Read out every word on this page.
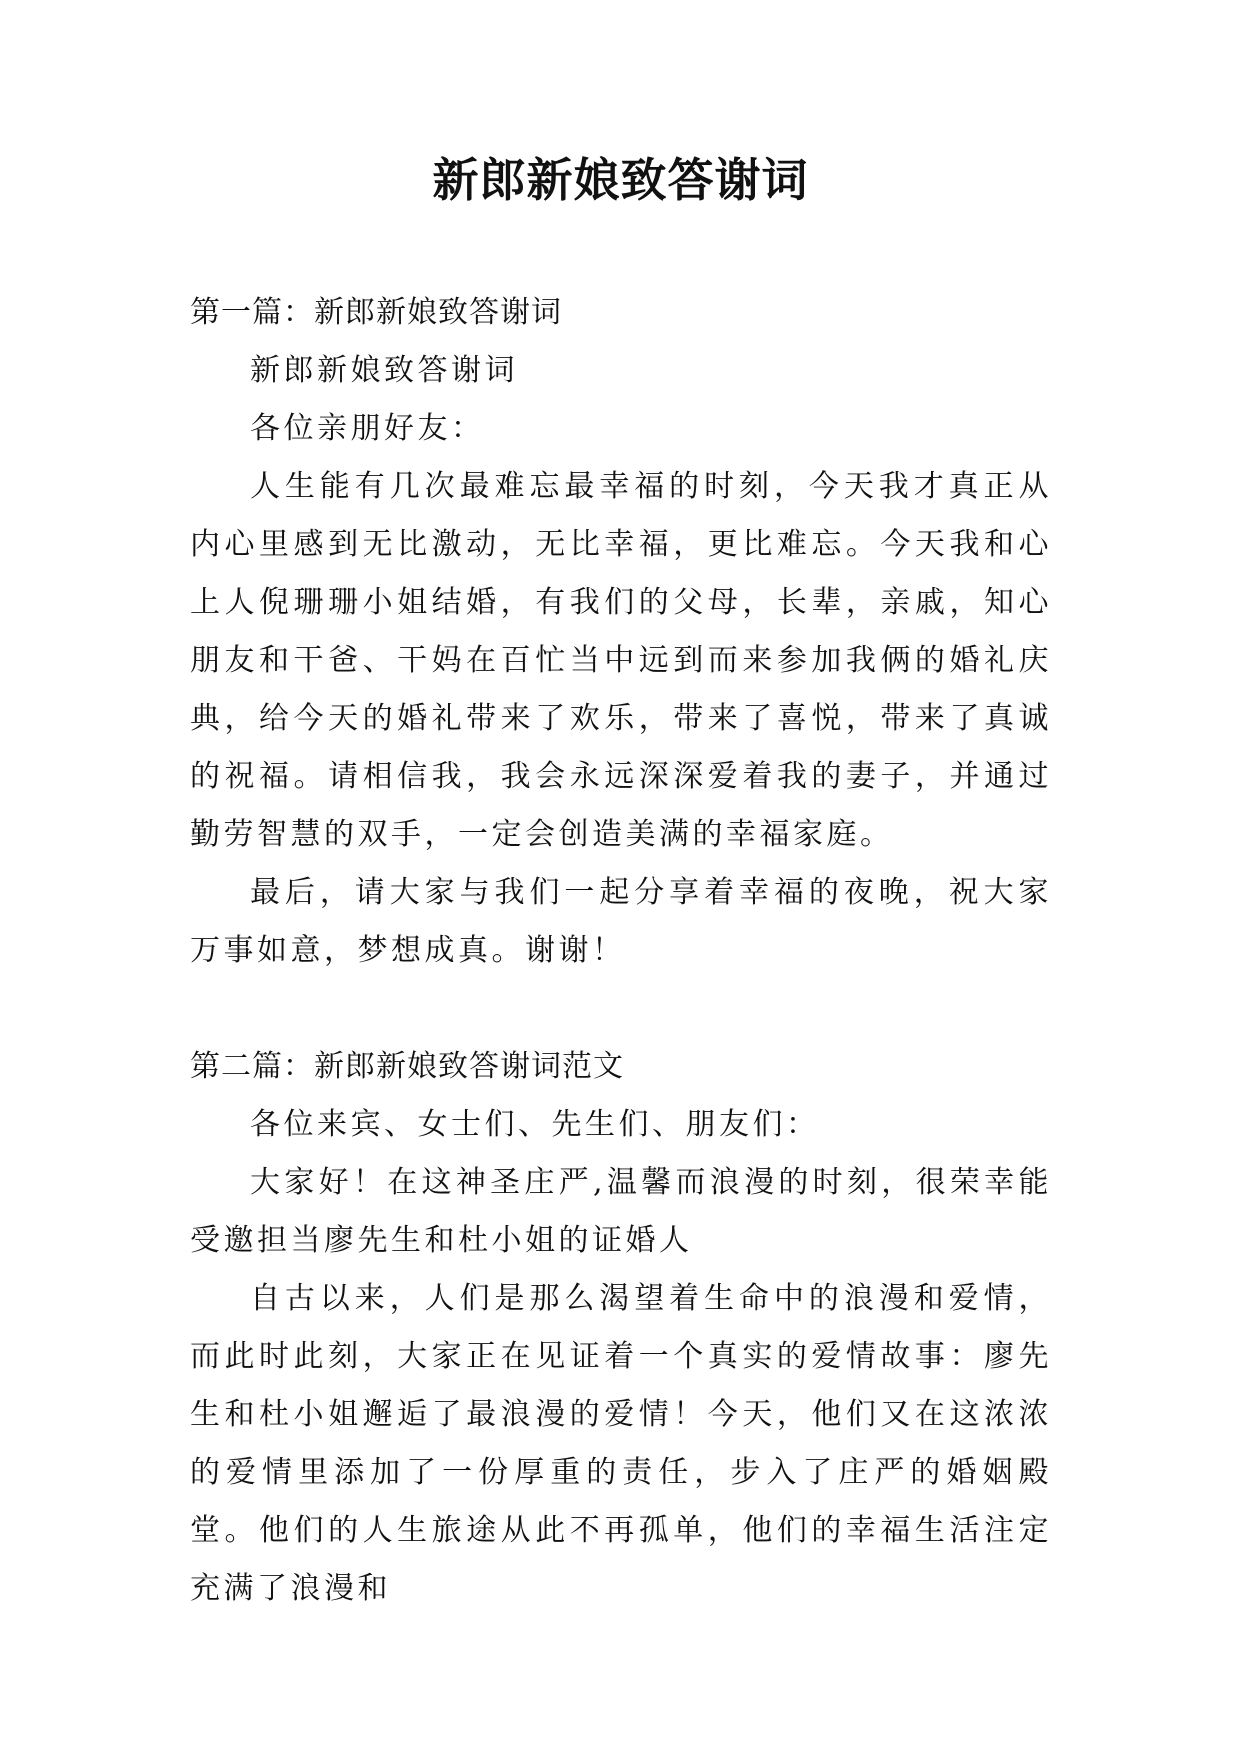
新郎新娘致答谢词

第一篇：新郎新娘致答谢词

新郎新娘致答谢词

各位亲朋好友：

人生能有几次最难忘最幸福的时刻，今天我才真正从内心里感到无比激动，无比幸福，更比难忘。今天我和心上人倪珊珊小姐结婚，有我们的父母，长辈，亲戚，知心朋友和干爸、干妈在百忙当中远到而来参加我俩的婚礼庆典，给今天的婚礼带来了欢乐，带来了喜悦，带来了真诚的祝福。请相信我，我会永远深深爱着我的妻子，并通过勤劳智慧的双手，一定会创造美满的幸福家庭。

最后，请大家与我们一起分享着幸福的夜晚，祝大家万事如意，梦想成真。谢谢！

第二篇：新郎新娘致答谢词范文

各位来宾、女士们、先生们、朋友们：

大家好！在这神圣庄严,温馨而浪漫的时刻，很荣幸能受邀担当廖先生和杜小姐的证婚人

自古以来，人们是那么渴望着生命中的浪漫和爱情，而此时此刻，大家正在见证着一个真实的爱情故事：廖先生和杜小姐邂逅了最浪漫的爱情！今天，他们又在这浓浓的爱情里添加了一份厚重的责任，步入了庄严的婚姻殿堂。他们的人生旅途从此不再孤单，他们的幸福生活注定充满了浪漫和
